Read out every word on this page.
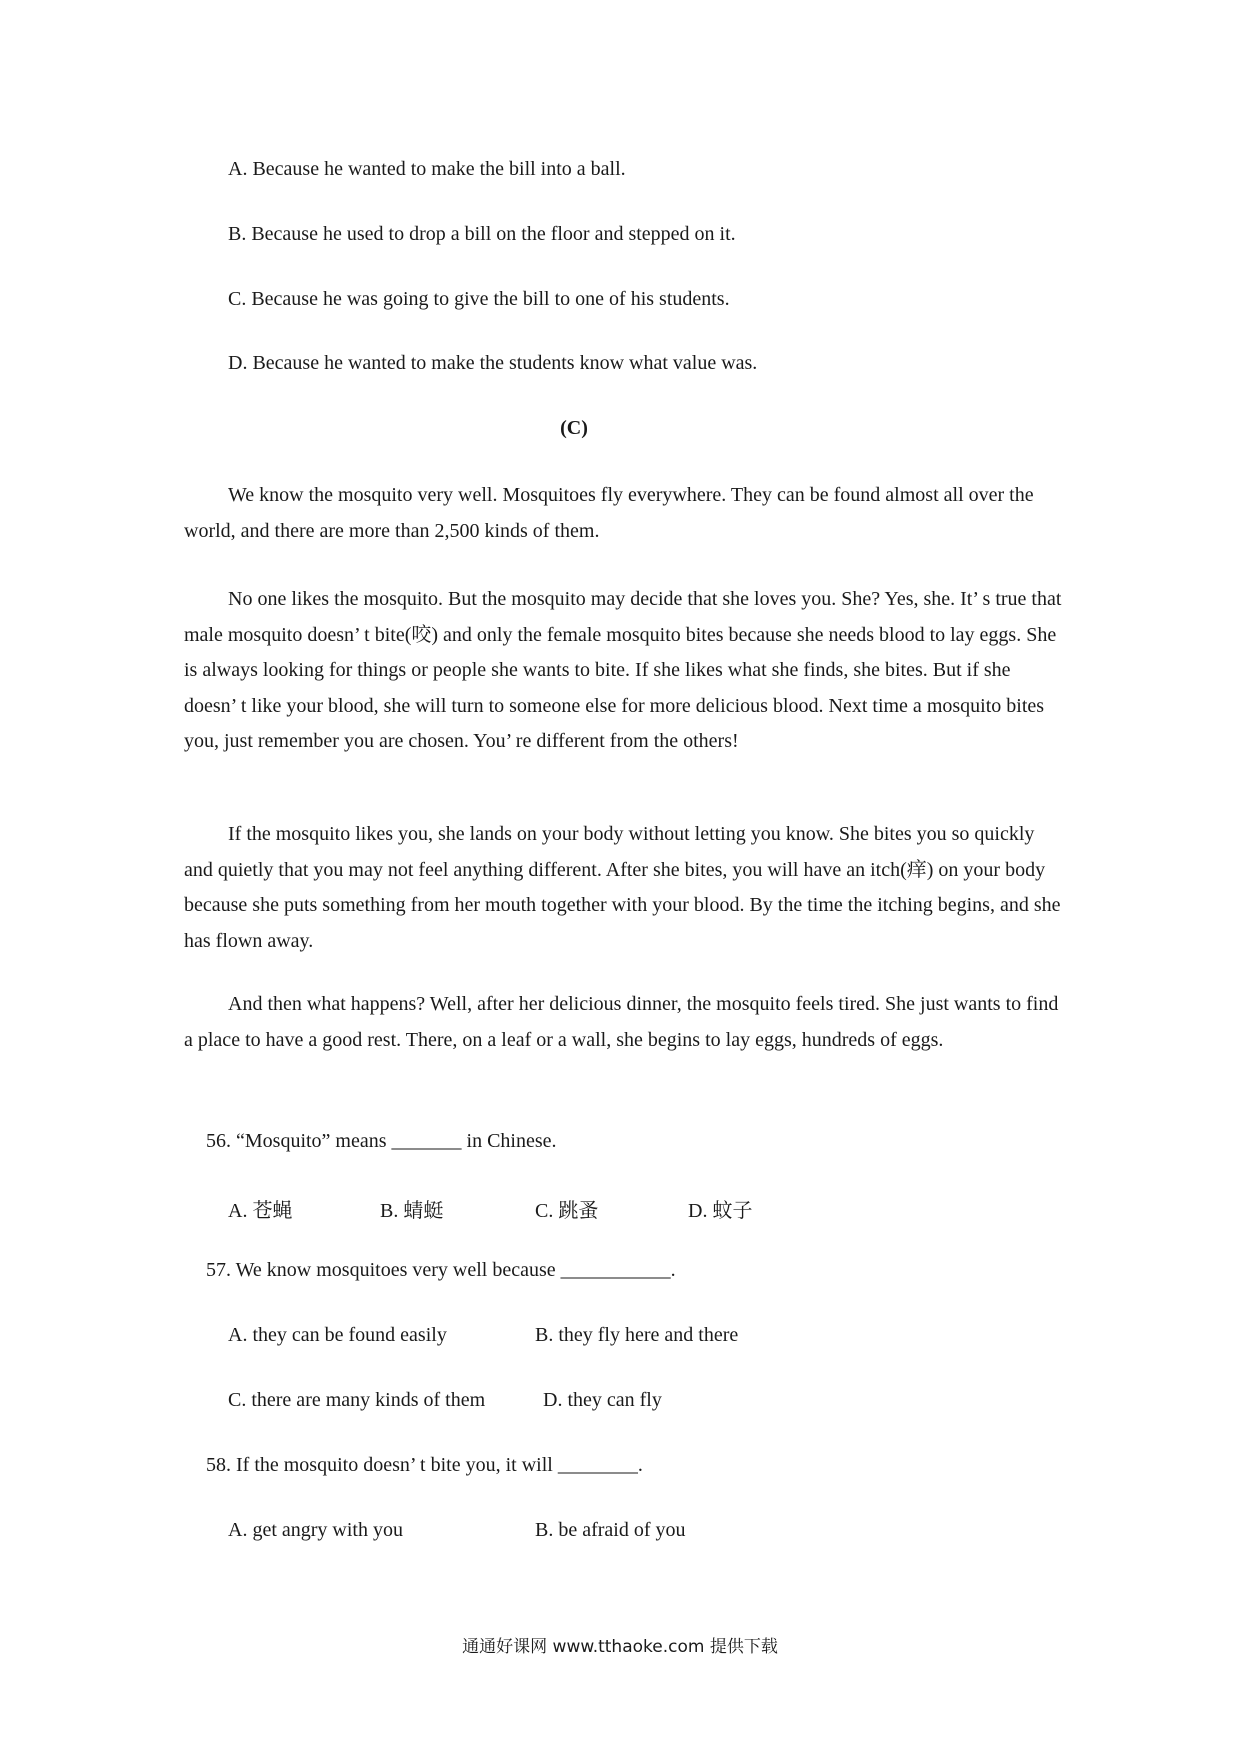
A. Because he wanted to make the bill into a ball.
B. Because he used to drop a bill on the floor and stepped on it.
C. Because he was going to give the bill to one of his students.
D. Because he wanted to make the students know what value was.
(C)
We know the mosquito very well. Mosquitoes fly everywhere. They can be found almost all over the world, and there are more than 2,500 kinds of them.
No one likes the mosquito. But the mosquito may decide that she loves you. She? Yes, she. It’ s true that male mosquito doesn’ t bite(咬) and only the female mosquito bites because she needs blood to lay eggs. She is always looking for things or people she wants to bite. If she likes what she finds, she bites. But if she doesn’ t like your blood, she will turn to someone else for more delicious blood. Next time a mosquito bites you, just remember you are chosen. You’ re different from the others!
If the mosquito likes you, she lands on your body without letting you know. She bites you so quickly and quietly that you may not feel anything different. After she bites, you will have an itch(痒) on your body because she puts something from her mouth together with your blood. By the time the itching begins, and she has flown away.
And then what happens? Well, after her delicious dinner, the mosquito feels tired. She just wants to find a place to have a good rest. There, on a leaf or a wall, she begins to lay eggs, hundreds of eggs.
56. “Mosquito” means _______ in Chinese.
A. 苍蝇	B. 蜻蜓	C. 跳蚤	D. 蚊子
57. We know mosquitoes very well because ___________.
A. they can be found easily	B. they fly here and there
C. there are many kinds of them	D. they can fly
58. If the mosquito doesn’ t bite you, it will ________.
A. get angry with you	B. be afraid of you
通通好课网 www.tthaoke.com 提供下载
